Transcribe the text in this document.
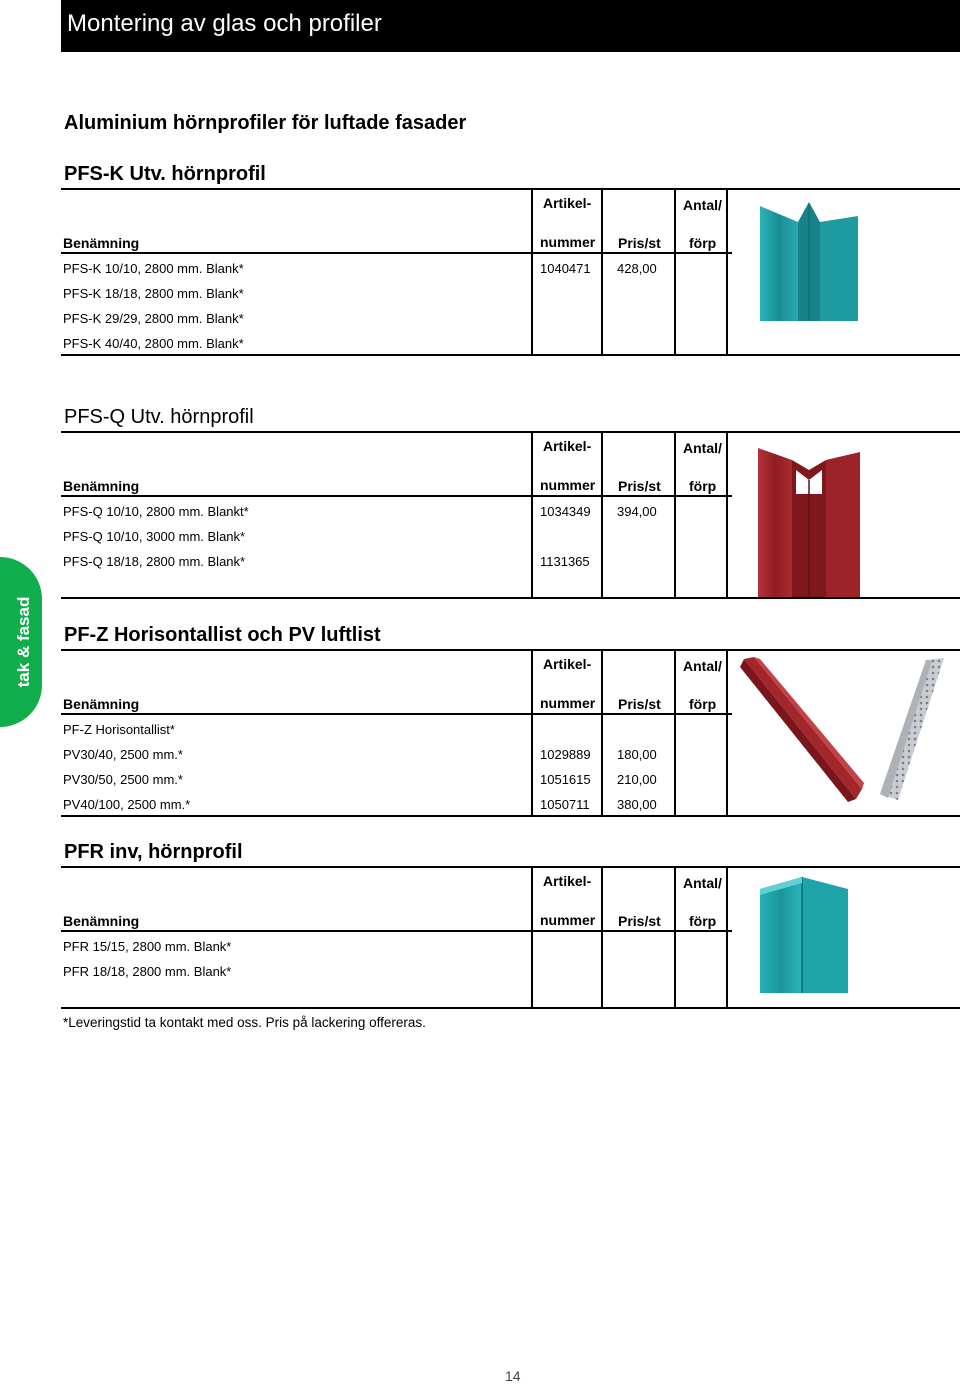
Montering av glas och profiler
tak & fasad
Aluminium hörnprofiler för luftade fasader
PFS-K Utv. hörnprofil
Artikel-	Antal/
Benämning	nummer Pris/st förp
PFS-K 10/10, 2800 mm. Blank*	1040471 428,00
PFS-K 18/18, 2800 mm. Blank*
PFS-K 29/29, 2800 mm. Blank*
PFS-K 40/40, 2800 mm. Blank*
PFS-Q Utv. hörnprofil
Artikel-	Antal/
Benämning	nummer Pris/st förp
PFS-Q 10/10, 2800 mm. Blankt*	1034349 394,00
PFS-Q 10/10, 3000 mm. Blank*
PFS-Q 18/18, 2800 mm. Blank*	1131365
PF-Z Horisontallist och PV luftlist
Artikel-	Antal/
Benämning	nummer Pris/st förp
PF-Z Horisontallist*
PV30/40, 2500 mm.*	1029889 180,00
PV30/50, 2500 mm.*	1051615 210,00
PV40/100, 2500 mm.*	1050711 380,00
PFR inv, hörnprofil
Artikel-	Antal/
Benämning	nummer Pris/st förp
PFR 15/15, 2800 mm. Blank*
PFR 18/18, 2800 mm. Blank*
*Leveringstid ta kontakt med oss. Pris på lackering offereras.
14
